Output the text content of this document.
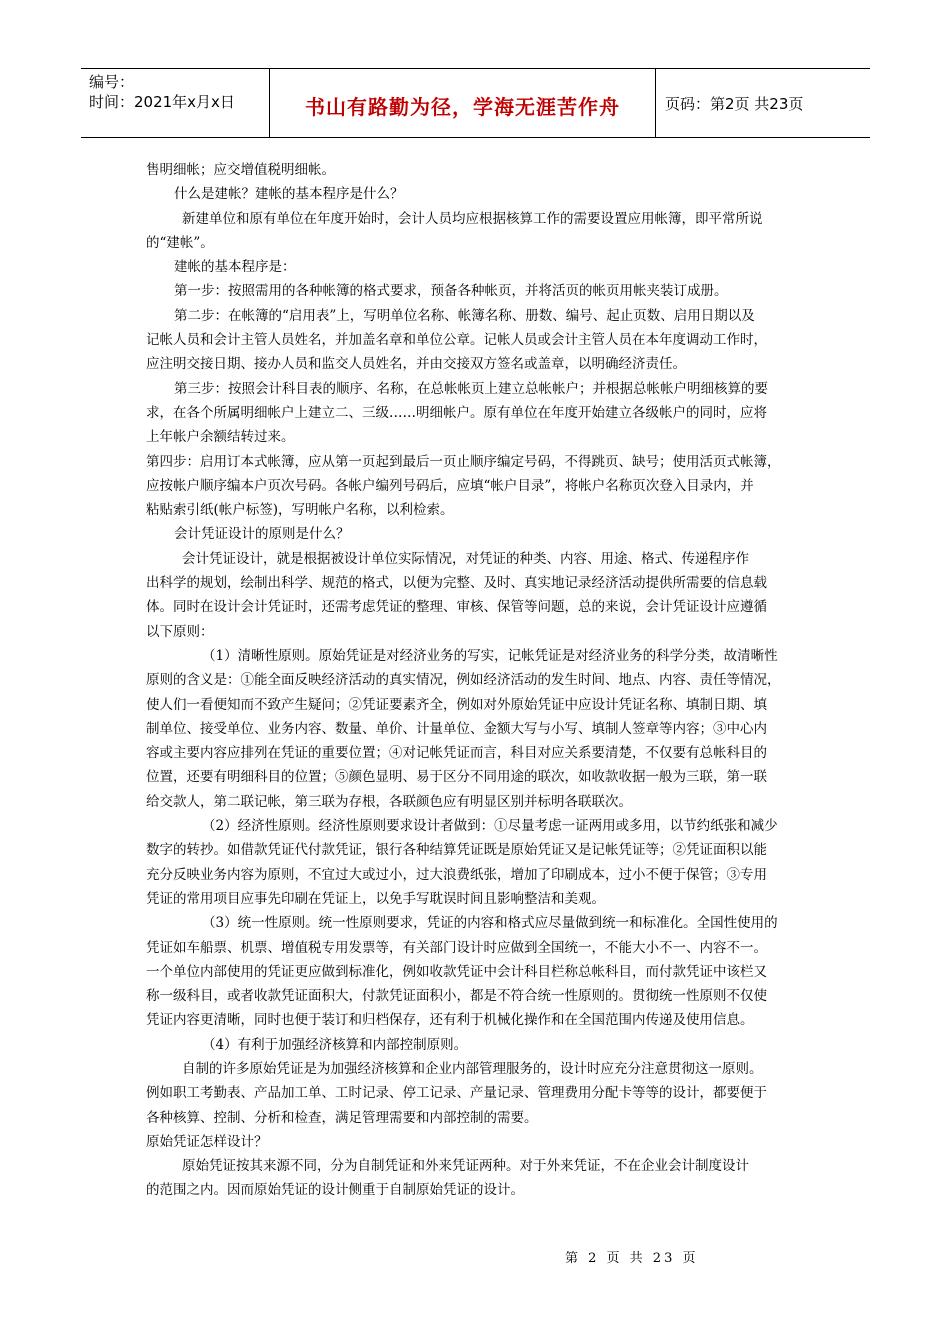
编号：
时间：2021年x月x日	书山有路勤为径，学海无涯苦作舟	页码：第2页 共23页

售明细帐；应交增值税明细帐。

什么是建帐？建帐的基本程序是什么？

新建单位和原有单位在年度开始时，会计人员均应根据核算工作的需要设置应用帐簿，即平常所说

的“建帐”。

建帐的基本程序是：

第一步：按照需用的各种帐簿的格式要求，预备各种帐页，并将活页的帐页用帐夹装订成册。

第二步：在帐簿的“启用表”上，写明单位名称、帐簿名称、册数、编号、起止页数、启用日期以及

记帐人员和会计主管人员姓名，并加盖名章和单位公章。记帐人员或会计主管人员在本年度调动工作时，

应注明交接日期、接办人员和监交人员姓名，并由交接双方签名或盖章，以明确经济责任。

第三步：按照会计科目表的顺序、名称，在总帐帐页上建立总帐帐户；并根据总帐帐户明细核算的要

求，在各个所属明细帐户上建立二、三级……明细帐户。原有单位在年度开始建立各级帐户的同时，应将

上年帐户余额结转过来。

第四步：启用订本式帐簿，应从第一页起到最后一页止顺序编定号码，不得跳页、缺号；使用活页式帐簿，

应按帐户顺序编本户页次号码。各帐户编列号码后，应填“帐户目录”，将帐户名称页次登入目录内，并

粘贴索引纸(帐户标签)，写明帐户名称，以利检索。

会计凭证设计的原则是什么？

会计凭证设计，就是根据被设计单位实际情况，对凭证的种类、内容、用途、格式、传递程序作

出科学的规划，绘制出科学、规范的格式，以便为完整、及时、真实地记录经济活动提供所需要的信息载

体。同时在设计会计凭证时，还需考虑凭证的整理、审核、保管等问题，总的来说，会计凭证设计应遵循

以下原则：

（1）清晰性原则。原始凭证是对经济业务的写实，记帐凭证是对经济业务的科学分类，故清晰性

原则的含义是：①能全面反映经济活动的真实情况，例如经济活动的发生时间、地点、内容、责任等情况，

使人们一看便知而不致产生疑问；②凭证要素齐全，例如对外原始凭证中应设计凭证名称、填制日期、填

制单位、接受单位、业务内容、数量、单价、计量单位、金额大写与小写、填制人签章等内容；③中心内

容或主要内容应排列在凭证的重要位置；④对记帐凭证而言，科目对应关系要清楚，不仅要有总帐科目的

位置，还要有明细科目的位置；⑤颜色显明、易于区分不同用途的联次，如收款收据一般为三联，第一联

给交款人，第二联记帐，第三联为存根，各联颜色应有明显区别并标明各联联次。

（2）经济性原则。经济性原则要求设计者做到：①尽量考虑一证两用或多用，以节约纸张和减少

数字的转抄。如借款凭证代付款凭证，银行各种结算凭证既是原始凭证又是记帐凭证等；②凭证面积以能

充分反映业务内容为原则，不宜过大或过小，过大浪费纸张，增加了印刷成本，过小不便于保管；③专用

凭证的常用项目应事先印刷在凭证上，以免手写耽误时间且影响整洁和美观。

（3）统一性原则。统一性原则要求，凭证的内容和格式应尽量做到统一和标准化。全国性使用的

凭证如车船票、机票、增值税专用发票等，有关部门设计时应做到全国统一，不能大小不一、内容不一。

一个单位内部使用的凭证更应做到标准化，例如收款凭证中会计科目栏称总帐科目，而付款凭证中该栏又

称一级科目，或者收款凭证面积大，付款凭证面积小，都是不符合统一性原则的。贯彻统一性原则不仅使

凭证内容更清晰，同时也便于装订和归档保存，还有利于机械化操作和在全国范围内传递及使用信息。

（4）有利于加强经济核算和内部控制原则。

自制的许多原始凭证是为加强经济核算和企业内部管理服务的，设计时应充分注意贯彻这一原则。

例如职工考勤表、产品加工单、工时记录、停工记录、产量记录、管理费用分配卡等等的设计，都要便于

各种核算、控制、分析和检查，满足管理需要和内部控制的需要。

原始凭证怎样设计？

原始凭证按其来源不同，分为自制凭证和外来凭证两种。对于外来凭证，不在企业会计制度设计

的范围之内。因而原始凭证的设计侧重于自制原始凭证的设计。

第 2 页 共 23 页
